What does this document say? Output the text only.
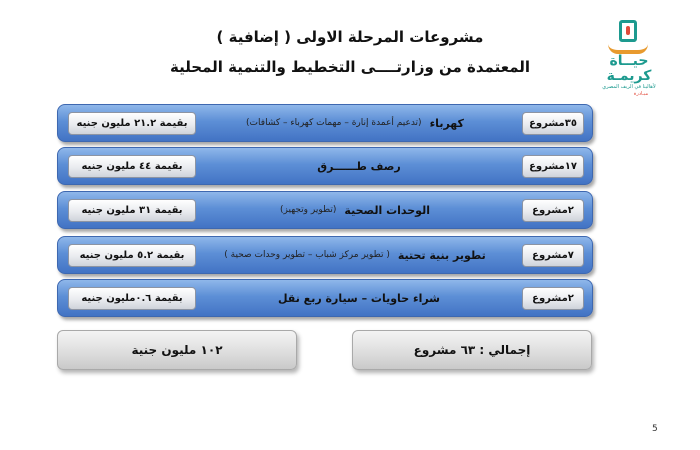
مشروعات المرحلة الاولى ( إضافية )
المعتمدة من وزارتــــى التخطيط والتنمية المحلية	حيــاة
كريمـة
لأهالينا في الريف المصري
مبـادرة
٣٥مشروع
كهرباء
(تدعيم أعمدة إنارة – مهمات كهرباء – كشافات)
بقيمة ٢١.٢ مليون جنيه
١٧مشروع
رصف طــــــرق
بقيمة ٤٤ مليون جنيه
٢مشروع
الوحدات الصحية
(تطوير وتجهيز)
بقيمة ٣١ مليون جنيه
٧مشروع
تطوير بنية تحتية
( تطوير مركز شباب – تطوير وحدات صحية )
بقيمة ٥.٢ مليون جنيه
٢مشروع
شراء حاويات – سيارة ربع نقل
بقيمة ٠.٦مليون جنيه
إجمالي : ٦٣ مشروع
١٠٢ مليون جنية
5
